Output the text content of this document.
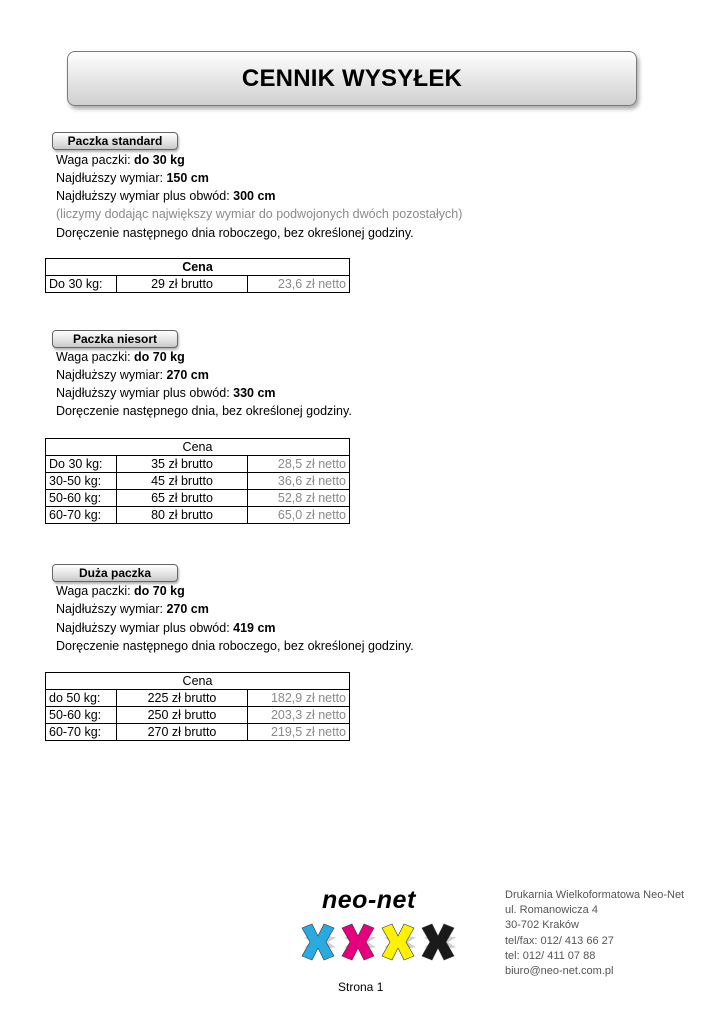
CENNIK WYSYŁEK
Paczka standard
Waga paczki: do 30 kg
Najdłuższy wymiar: 150 cm
Najdłuższy wymiar plus obwód: 300 cm
(liczymy dodając największy wymiar do podwojonych dwóch pozostałych)
Doręczenie następnego dnia roboczego, bez określonej godziny.
Cena
Do 30 kg:	29 zł brutto	23,6 zł netto
Paczka niesort
Waga paczki: do 70 kg
Najdłuższy wymiar: 270 cm
Najdłuższy wymiar plus obwód: 330 cm
Doręczenie następnego dnia, bez określonej godziny.
Cena		
Do 30 kg:	35 zł brutto	28,5 zł netto
30-50 kg:	45 zł brutto	36,6 zł netto
50-60 kg:	65 zł brutto	52,8 zł netto
60-70 kg:	80 zł brutto	65,0 zł netto
Duża paczka
Waga paczki: do 70 kg
Najdłuższy wymiar: 270 cm
Najdłuższy wymiar plus obwód: 419 cm
Doręczenie następnego dnia roboczego, bez określonej godziny.
Cena		
do 50 kg:	225 zł brutto	182,9 zł netto
50-60 kg:	250 zł brutto	203,3 zł netto
60-70 kg:	270 zł brutto	219,5 zł netto
neo-net	Drukarnia Wielkoformatowa Neo-Net
ul. Romanowicza 4
30-702 Kraków
tel/fax: 012/ 413 66 27
tel: 012/ 411 07 88
biuro@neo-net.com.pl
Strona 1
